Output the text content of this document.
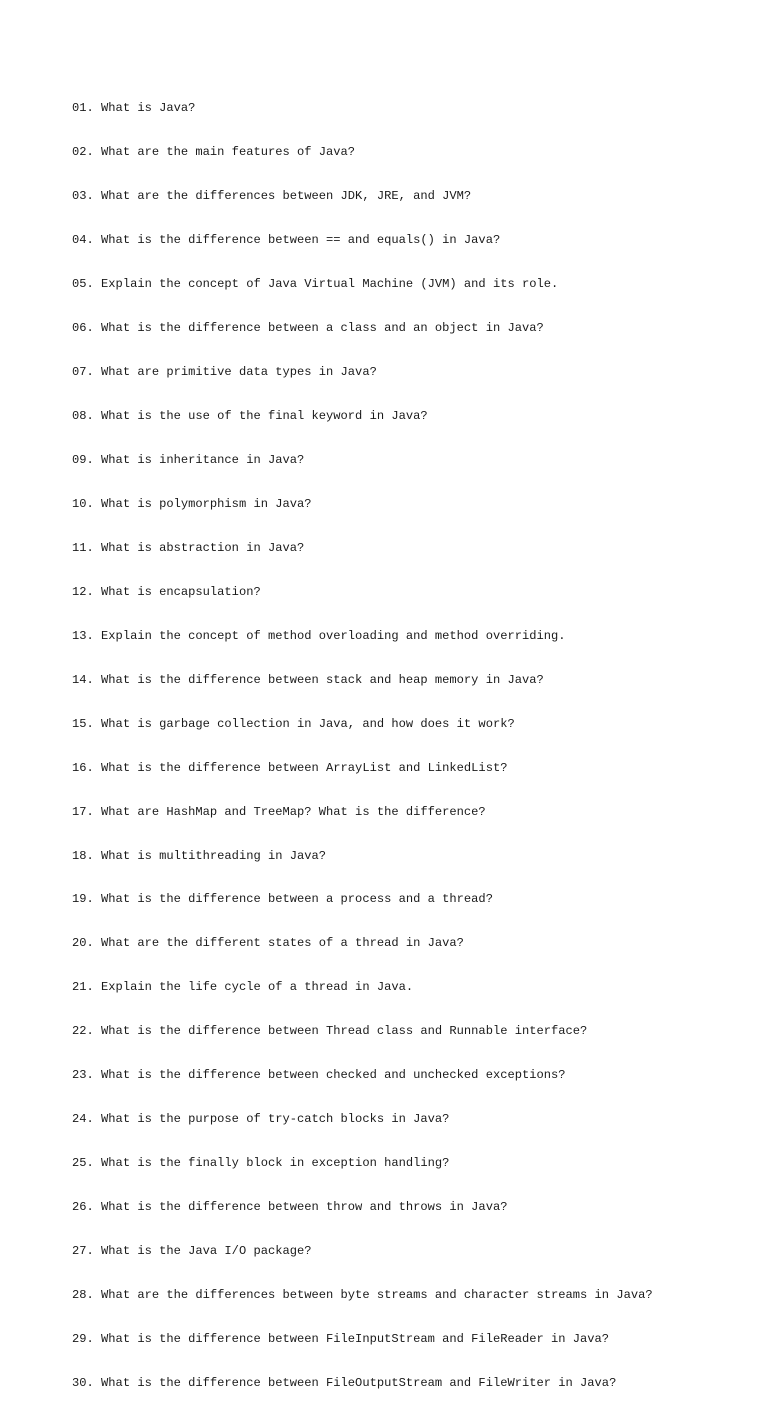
01. What is Java?

02. What are the main features of Java?

03. What are the differences between JDK, JRE, and JVM?

04. What is the difference between == and equals() in Java?

05. Explain the concept of Java Virtual Machine (JVM) and its role.

06. What is the difference between a class and an object in Java?

07. What are primitive data types in Java?

08. What is the use of the final keyword in Java?

09. What is inheritance in Java?

10. What is polymorphism in Java?

11. What is abstraction in Java?

12. What is encapsulation?

13. Explain the concept of method overloading and method overriding.

14. What is the difference between stack and heap memory in Java?

15. What is garbage collection in Java, and how does it work?

16. What is the difference between ArrayList and LinkedList?

17. What are HashMap and TreeMap? What is the difference?

18. What is multithreading in Java?

19. What is the difference between a process and a thread?

20. What are the different states of a thread in Java?

21. Explain the life cycle of a thread in Java.

22. What is the difference between Thread class and Runnable interface?

23. What is the difference between checked and unchecked exceptions?

24. What is the purpose of try-catch blocks in Java?

25. What is the finally block in exception handling?

26. What is the difference between throw and throws in Java?

27. What is the Java I/O package?

28. What are the differences between byte streams and character streams in Java?

29. What is the difference between FileInputStream and FileReader in Java?

30. What is the difference between FileOutputStream and FileWriter in Java?
